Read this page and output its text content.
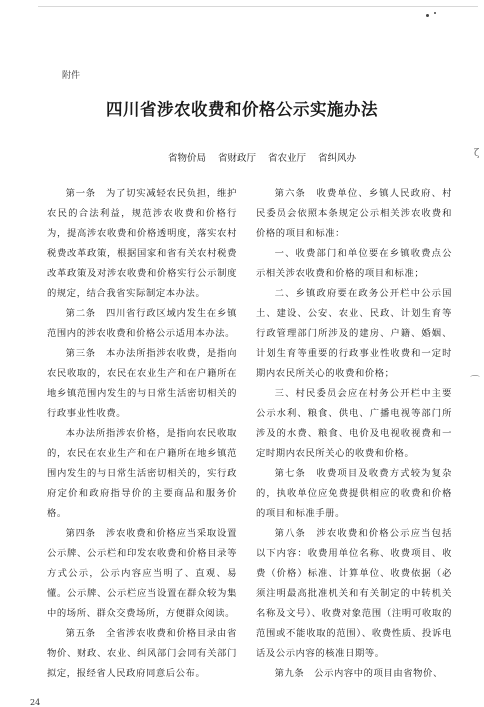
附件
四川省涉农收费和价格公示实施办法
省物价局 省财政厅 省农业厅 省纠风办

第一条　为了切实减轻农民负担，维护农民的合法利益，规范涉农收费和价格行为，提高涉农收费和价格透明度，落实农村税费改革政策，根据国家和省有关农村税费改革政策及对涉农收费和价格实行公示制度的规定，结合我省实际制定本办法。

第二条　四川省行政区域内发生在乡镇范围内的涉农收费和价格公示适用本办法。

第三条　本办法所指涉农收费，是指向农民收取的，农民在农业生产和在户籍所在地乡镇范围内发生的与日常生活密切相关的行政事业性收费。

本办法所指涉农价格，是指向农民收取的，农民在农业生产和在户籍所在地乡镇范围内发生的与日常生活密切相关的，实行政府定价和政府指导价的主要商品和服务价格。

第四条　涉农收费和价格应当采取设置公示牌、公示栏和印发农收费和价格目录等方式公示，公示内容应当明了、直观、易懂。公示牌、公示栏应当设置在群众较为集中的场所、群众交费场所，方便群众阅读。

第五条　全省涉农收费和价格目录由省物价、财政、农业、纠风部门会同有关部门拟定，报经省人民政府同意后公布。

第六条　收费单位、乡镇人民政府、村民委员会依照本条规定公示相关涉农收费和价格的项目和标准：

一、收费部门和单位要在乡镇收费点公示相关涉农收费和价格的项目和标准；

二、乡镇政府要在政务公开栏中公示国土、建设、公安、农业、民政、计划生育等行政管理部门所涉及的建房、户籍、婚姻、计划生育等重要的行政事业性收费和一定时期内农民所关心的收费和价格；

三、村民委员会应在村务公开栏中主要公示水利、粮食、供电、广播电视等部门所涉及的水费、粮食、电价及电视收视费和一定时期内农民所关心的收费和价格。

第七条　收费项目及收费方式较为复杂的，执收单位应免费提供相应的收费和价格的项目和标准手册。

第八条　涉农收费和价格公示应当包括以下内容：收费用单位名称、收费项目、收费（价格）标准、计算单位、收费依据（必须注明最高批准机关和有关制定的中转机关名称及文号）、收费对象范围（注明可收取的范围或不能收取的范围）、收费性质、投诉电话及公示内容的核准日期等。

第九条　公示内容中的项目由省物价、

ζ
⌒
24
